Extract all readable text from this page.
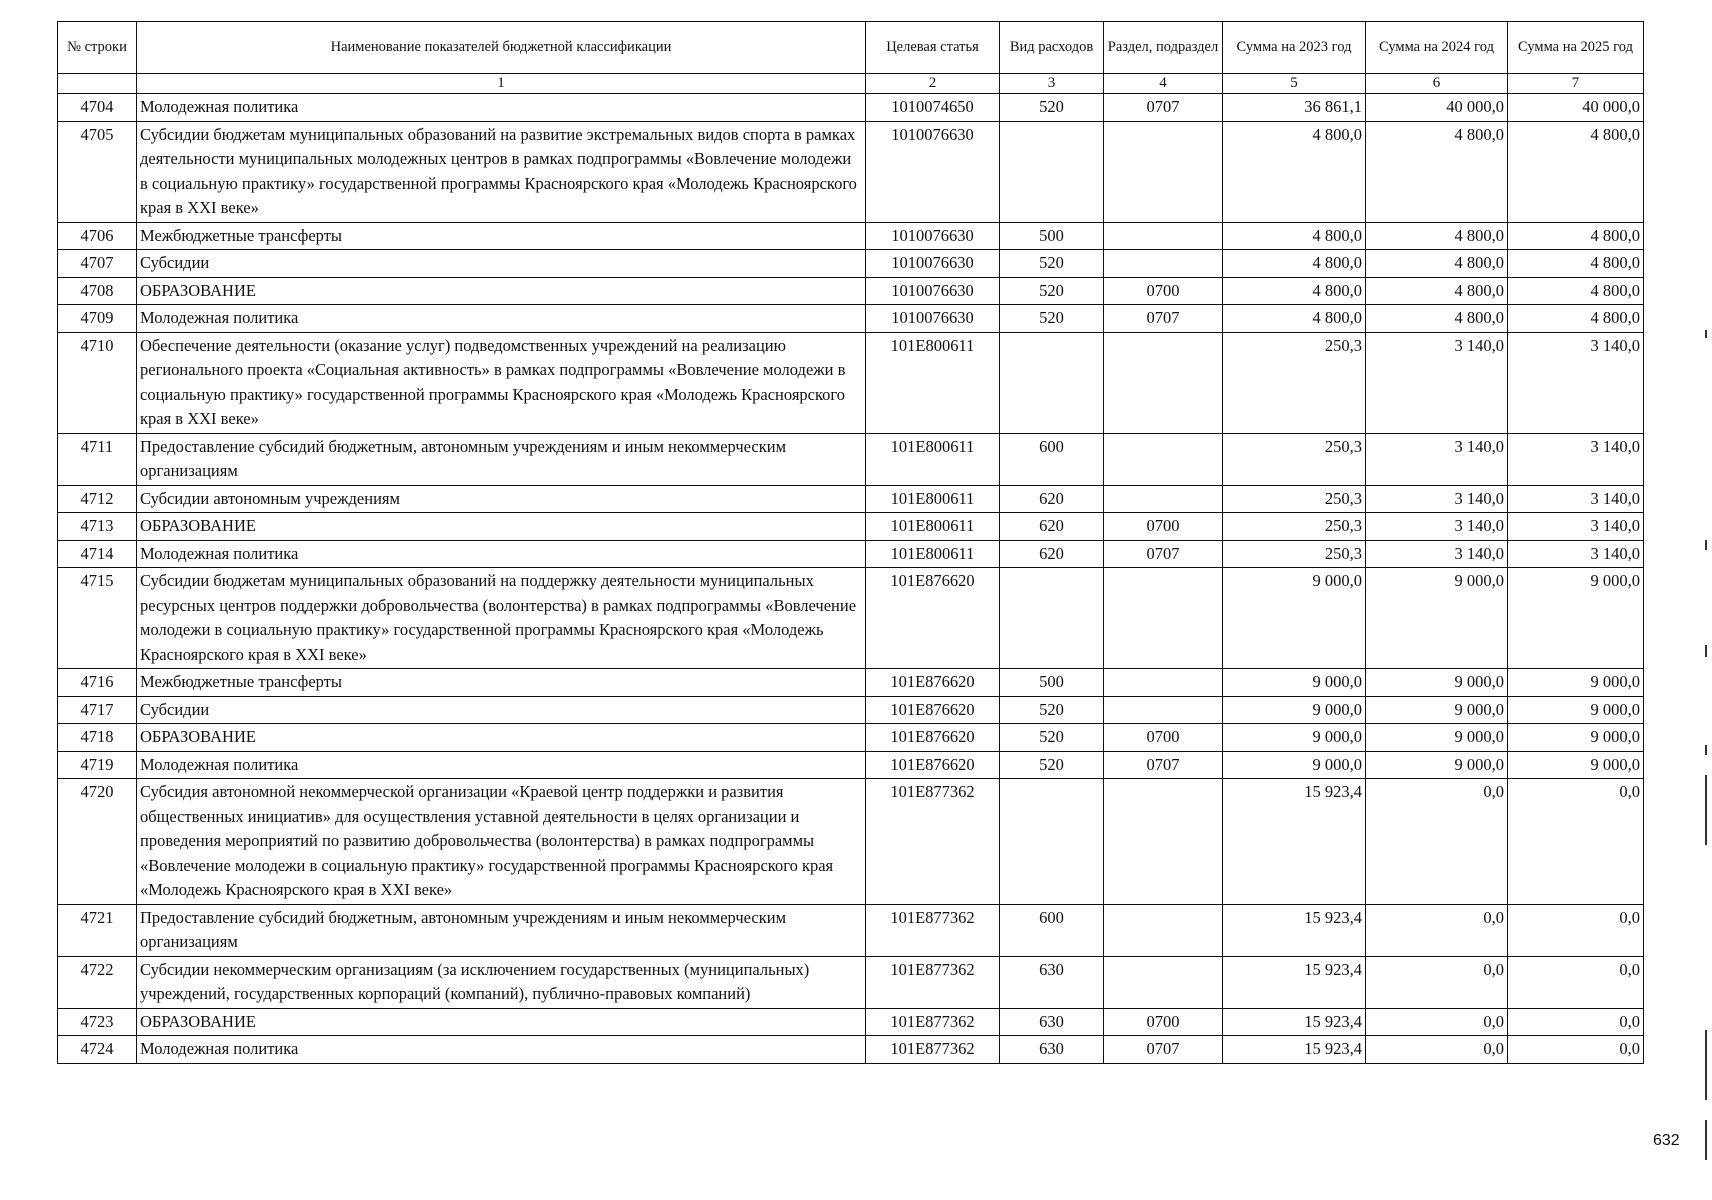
№ строки	Наименование показателей бюджетной классификации	Целевая статья	Вид расходов	Раздел, подраздел	Сумма на 2023 год	Сумма на 2024 год	Сумма на 2025 год
	1	2	3	4	5	6	7
4704	Молодежная политика	1010074650	520	0707	36 861,1	40 000,0	40 000,0
4705	Субсидии бюджетам муниципальных образований на развитие экстремальных видов спорта в рамках деятельности муниципальных молодежных центров в рамках подпрограммы «Вовлечение молодежи в социальную практику» государственной программы Красноярского края «Молодежь Красноярского края в XXI веке»	1010076630			4 800,0	4 800,0	4 800,0
4706	Межбюджетные трансферты	1010076630	500		4 800,0	4 800,0	4 800,0
4707	Субсидии	1010076630	520		4 800,0	4 800,0	4 800,0
4708	ОБРАЗОВАНИЕ	1010076630	520	0700	4 800,0	4 800,0	4 800,0
4709	Молодежная политика	1010076630	520	0707	4 800,0	4 800,0	4 800,0
4710	Обеспечение деятельности (оказание услуг) подведомственных учреждений на реализацию регионального проекта «Социальная активность» в рамках подпрограммы «Вовлечение молодежи в социальную практику» государственной программы Красноярского края «Молодежь Красноярского края в XXI веке»	101E800611			250,3	3 140,0	3 140,0
4711	Предоставление субсидий бюджетным, автономным учреждениям и иным некоммерческим организациям	101E800611	600		250,3	3 140,0	3 140,0
4712	Субсидии автономным учреждениям	101E800611	620		250,3	3 140,0	3 140,0
4713	ОБРАЗОВАНИЕ	101E800611	620	0700	250,3	3 140,0	3 140,0
4714	Молодежная политика	101E800611	620	0707	250,3	3 140,0	3 140,0
4715	Субсидии бюджетам муниципальных образований на поддержку деятельности муниципальных ресурсных центров поддержки добровольчества (волонтерства) в рамках подпрограммы «Вовлечение молодежи в социальную практику» государственной программы Красноярского края «Молодежь Красноярского края в XXI веке»	101E876620			9 000,0	9 000,0	9 000,0
4716	Межбюджетные трансферты	101E876620	500		9 000,0	9 000,0	9 000,0
4717	Субсидии	101E876620	520		9 000,0	9 000,0	9 000,0
4718	ОБРАЗОВАНИЕ	101E876620	520	0700	9 000,0	9 000,0	9 000,0
4719	Молодежная политика	101E876620	520	0707	9 000,0	9 000,0	9 000,0
4720	Субсидия автономной некоммерческой организации «Краевой центр поддержки и развития общественных инициатив» для осуществления уставной деятельности в целях организации и проведения мероприятий по развитию добровольчества (волонтерства) в рамках подпрограммы «Вовлечение молодежи в социальную практику» государственной программы Красноярского края «Молодежь Красноярского края в XXI веке»	101E877362			15 923,4	0,0	0,0
4721	Предоставление субсидий бюджетным, автономным учреждениям и иным некоммерческим организациям	101E877362	600		15 923,4	0,0	0,0
4722	Субсидии некоммерческим организациям (за исключением государственных (муниципальных) учреждений, государственных корпораций (компаний), публично-правовых компаний)	101E877362	630		15 923,4	0,0	0,0
4723	ОБРАЗОВАНИЕ	101E877362	630	0700	15 923,4	0,0	0,0
4724	Молодежная политика	101E877362	630	0707	15 923,4	0,0	0,0
632
